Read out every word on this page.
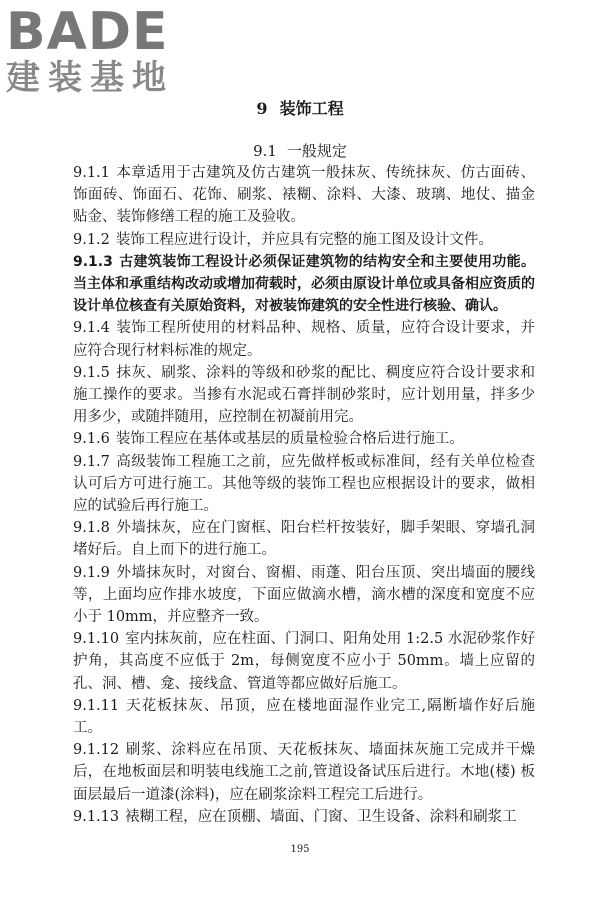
BADE
建装基地
9 装饰工程
9.1 一般规定

9.1.1 本章适用于古建筑及仿古建筑一般抹灰、传统抹灰、仿古面砖、饰面砖、饰面石、花饰、刷浆、裱糊、涂料、大漆、玻璃、地仗、描金贴金、装饰修缮工程的施工及验收。

9.1.2 装饰工程应进行设计，并应具有完整的施工图及设计文件。

9.1.3 古建筑装饰工程设计必须保证建筑物的结构安全和主要使用功能。当主体和承重结构改动或增加荷载时，必须由原设计单位或具备相应资质的设计单位核查有关原始资料，对被装饰建筑的安全性进行核验、确认。

9.1.4 装饰工程所使用的材料品种、规格、质量，应符合设计要求，并应符合现行材料标准的规定。

9.1.5 抹灰、刷浆、涂料的等级和砂浆的配比、稠度应符合设计要求和施工操作的要求。当掺有水泥或石膏拌制砂浆时，应计划用量，拌多少用多少，或随拌随用，应控制在初凝前用完。

9.1.6 装饰工程应在基体或基层的质量检验合格后进行施工。

9.1.7 高级装饰工程施工之前，应先做样板或标准间，经有关单位检查认可后方可进行施工。其他等级的装饰工程也应根据设计的要求，做相应的试验后再行施工。

9.1.8 外墙抹灰，应在门窗框、阳台栏杆按装好，脚手架眼、穿墙孔洞堵好后。自上而下的进行施工。

9.1.9 外墙抹灰时，对窗台、窗楣、雨蓬、阳台压顶、突出墙面的腰线等，上面均应作排水坡度，下面应做滴水槽，滴水槽的深度和宽度不应小于 10mm，并应整齐一致。

9.1.10 室内抹灰前，应在柱面、门洞口、阳角处用 1:2.5 水泥砂浆作好护角，其高度不应低于 2m，每侧宽度不应小于 50mm。墙上应留的孔、洞、槽、龛、接线盒、管道等都应做好后施工。

9.1.11 天花板抹灰、吊顶，应在楼地面湿作业完工,隔断墙作好后施工。

9.1.12 刷浆、涂料应在吊顶、天花板抹灰、墙面抹灰施工完成并干燥后，在地板面层和明装电线施工之前,管道设备试压后进行。木地(楼) 板面层最后一道漆(涂料)，应在刷浆涂料工程完工后进行。

9.1.13 裱糊工程，应在顶棚、墙面、门窗、卫生设备、涂料和刷浆工

195
